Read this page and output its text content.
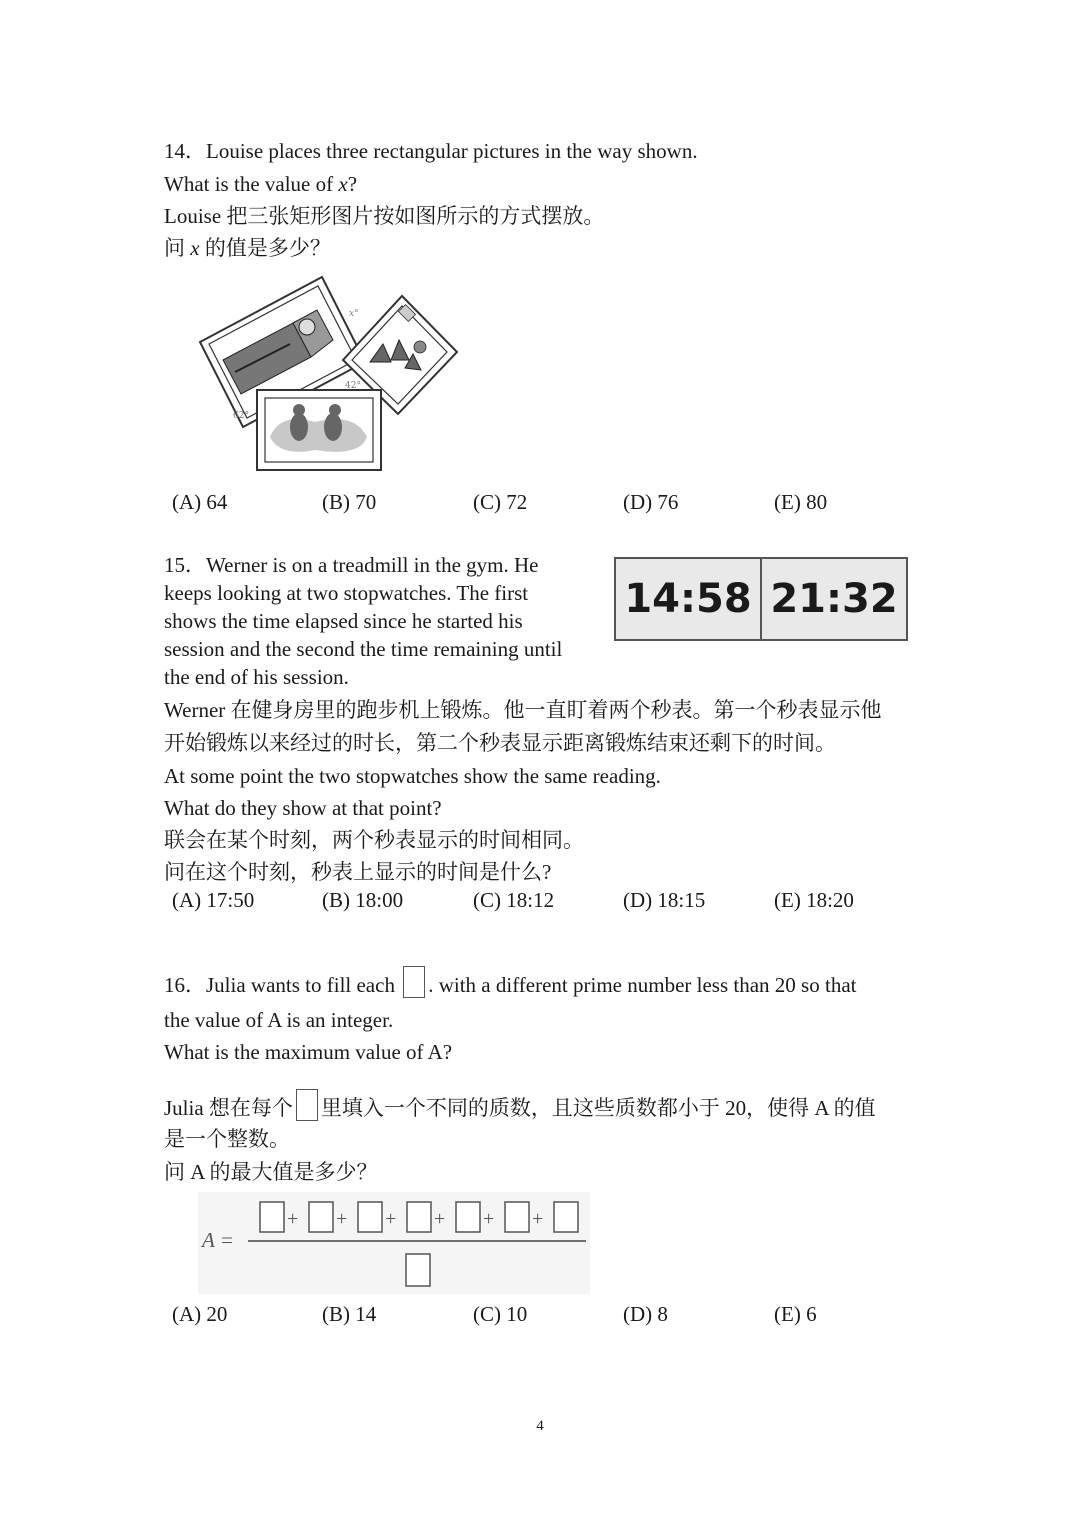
14．Louise places three rectangular pictures in the way shown.
What is the value of x?
Louise 把三张矩形图片按如图所示的方式摆放。
问 x 的值是多少？
x°
42°
62°
(A) 64	(B) 70	(C) 72	(D) 76	(E) 80
15．Werner is on a treadmill in the gym. He
keeps looking at two stopwatches. The first
shows the time elapsed since he started his
session and the second the time remaining until
the end of his session.
14:58 21:32
Werner 在健身房里的跑步机上锻炼。他一直盯着两个秒表。第一个秒表显示他
开始锻炼以来经过的时长，第二个秒表显示距离锻炼结束还剩下的时间。
At some point the two stopwatches show the same reading.
What do they show at that point?
联会在某个时刻，两个秒表显示的时间相同。
问在这个时刻，秒表上显示的时间是什么?
(A) 17:50	(B) 18:00	(C) 18:12	(D) 18:15	(E) 18:20
16．Julia wants to fill each . with a different prime number less than 20 so that
the value of A is an integer.
What is the maximum value of A?
Julia 想在每个 里填入一个不同的质数，且这些质数都小于 20，使得 A 的值
是一个整数。
问 A 的最大值是多少？
A =
+ + + + + +
(A) 20	(B) 14	(C) 10	(D) 8	(E) 6
4
